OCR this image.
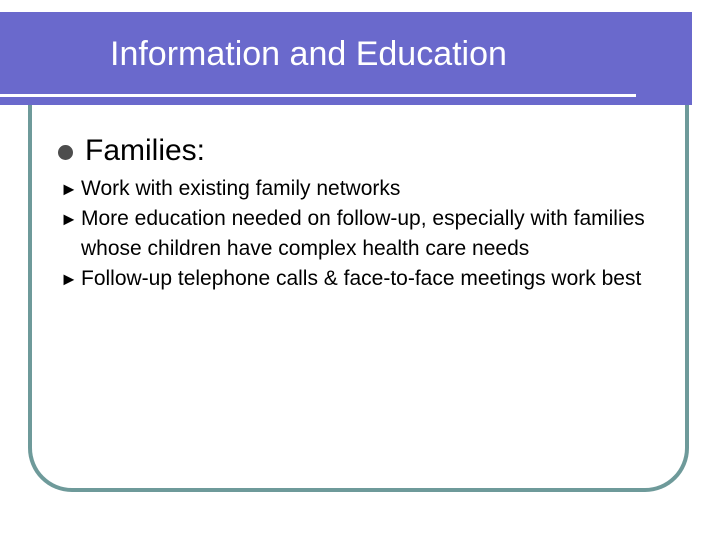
Information and Education
Families:
► Work with existing family networks
► More education needed on follow-up, especially with families whose children have complex health care needs
► Follow-up telephone calls & face-to-face meetings work best
